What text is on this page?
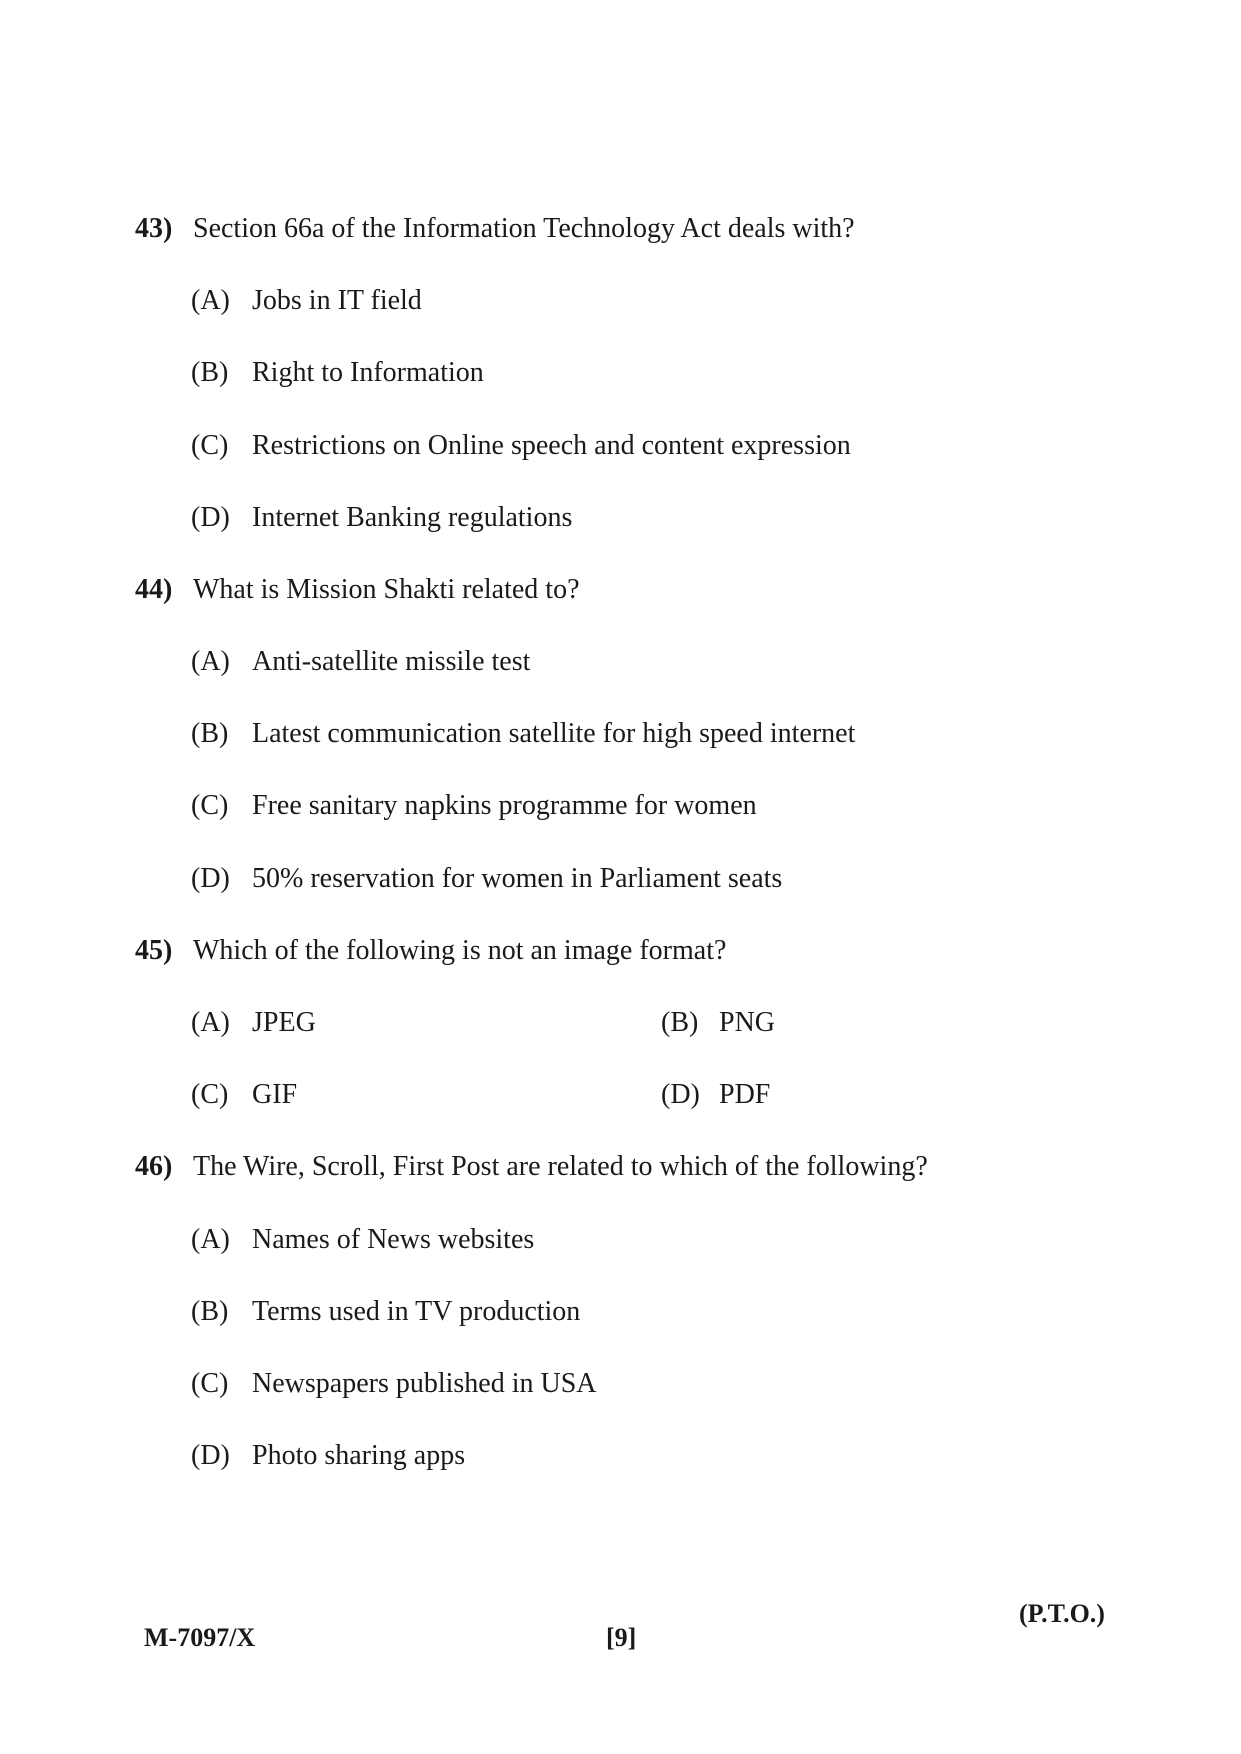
43) Section 66a of the Information Technology Act deals with?
(A) Jobs in IT field
(B) Right to Information
(C) Restrictions on Online speech and content expression
(D) Internet Banking regulations
44) What is Mission Shakti related to?
(A) Anti-satellite missile test
(B) Latest communication satellite for high speed internet
(C) Free sanitary napkins programme for women
(D) 50% reservation for women in Parliament seats
45) Which of the following is not an image format?
(A) JPEG	(B) PNG
(C) GIF	(D) PDF
46) The Wire, Scroll, First Post are related to which of the following?
(A) Names of News websites
(B) Terms used in TV production
(C) Newspapers published in USA
(D) Photo sharing apps
M-7097/X	[9]
(P.T.O.)
